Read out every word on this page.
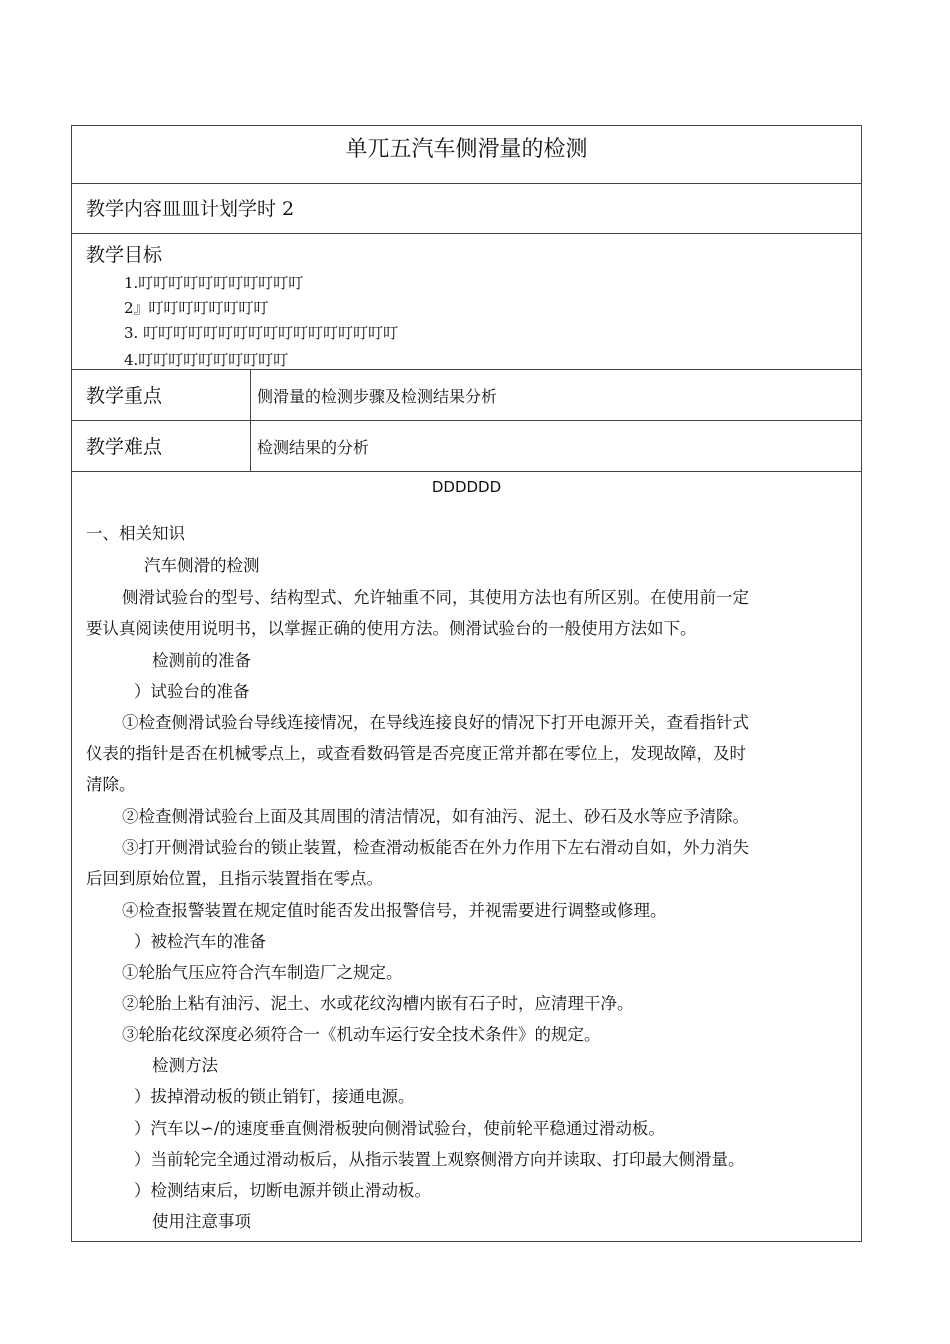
单兀五汽车侧滑量的检测
教学内容皿皿计划学时 2
教学目标
1.叮叮叮叮叮叮叮叮叮叮叮
2』叮叮叮叮叮叮叮叮
3. 叮叮叮叮叮叮叮叮叮叮叮叮叮叮叮叮叮
4.叮叮叮叮叮叮叮叮叮叮
教学重点	侧滑量的检测步骤及检测结果分析
教学难点	检测结果的分析
DDDDDD
一、相关知识
汽车侧滑的检测
侧滑试验台的型号、结构型式、允许轴重不同，其使用方法也有所区别。在使用前一定
要认真阅读使用说明书，以掌握正确的使用方法。侧滑试验台的一般使用方法如下。
检测前的准备
）试验台的准备
①检查侧滑试验台导线连接情况，在导线连接良好的情况下打开电源开关，查看指针式
仪表的指针是否在机械零点上，或查看数码管是否亮度正常并都在零位上，发现故障，及时
清除。
②检查侧滑试验台上面及其周围的清洁情况，如有油污、泥土、砂石及水等应予清除。
③打开侧滑试验台的锁止装置，检查滑动板能否在外力作用下左右滑动自如，外力消失
后回到原始位置，且指示装置指在零点。
④检查报警装置在规定值时能否发出报警信号，并视需要进行调整或修理。
）被检汽车的准备
①轮胎气压应符合汽车制造厂之规定。
②轮胎上粘有油污、泥土、水或花纹沟槽内嵌有石子时，应清理干净。
③轮胎花纹深度必须符合一《机动车运行安全技术条件》的规定。
检测方法
）拔掉滑动板的锁止销钉，接通电源。
）汽车以∽/的速度垂直侧滑板驶向侧滑试验台，使前轮平稳通过滑动板。
）当前轮完全通过滑动板后，从指示装置上观察侧滑方向并读取、打印最大侧滑量。
）检测结束后，切断电源并锁止滑动板。
使用注意事项
